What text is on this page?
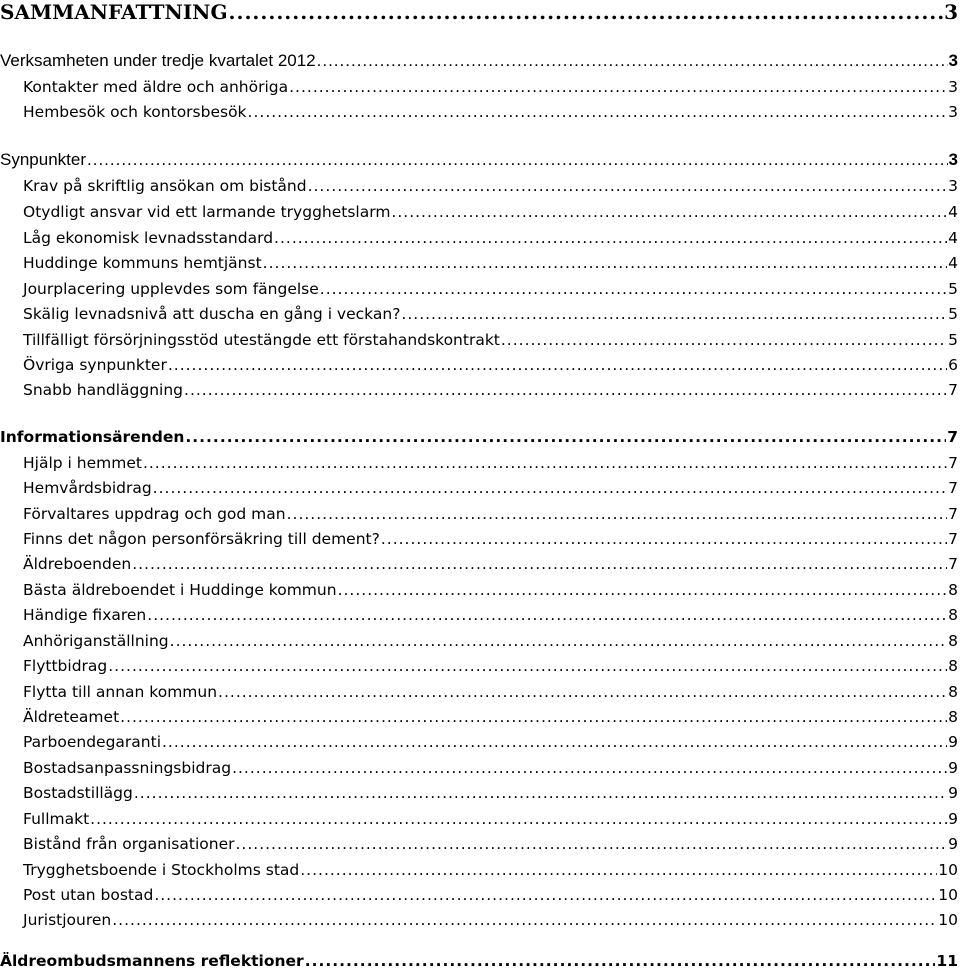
SAMMANFATTNING .....	3
Verksamheten under tredje kvartalet 2012 .....	3
Kontakter med äldre och anhöriga .....	3
Hembesök och kontorsbesök .....	3
Synpunkter .....	3
Krav på skriftlig ansökan om bistånd .....	3
Otydligt ansvar vid ett larmande trygghetslarm .....	4
Låg ekonomisk levnadsstandard .....	4
Huddinge kommuns hemtjänst .....	4
Jourplacering upplevdes som fängelse .....	5
Skälig levnadsnivå att duscha en gång i veckan? .....	5
Tillfälligt försörjningsstöd utestängde ett förstahandskontrakt .....	5
Övriga synpunkter .....	6
Snabb handläggning .....	7
Informationsärenden .....	7
Hjälp i hemmet .....	7
Hemvårdsbidrag .....	7
Förvaltares uppdrag och god man .....	7
Finns det någon personförsäkring till dement? .....	7
Äldreboenden .....	7
Bästa äldreboendet i Huddinge kommun .....	8
Händige fixaren .....	8
Anhöriganställning .....	8
Flyttbidrag .....	8
Flytta till annan kommun .....	8
Äldreteamet .....	8
Parboendegaranti .....	9
Bostadsanpassningsbidrag .....	9
Bostadstillägg .....	9
Fullmakt .....	9
Bistånd från organisationer .....	9
Trygghetsboende i Stockholms stad .....	10
Post utan bostad .....	10
Juristjouren .....	10
Äldreombudsmannens reflektioner .....	11
